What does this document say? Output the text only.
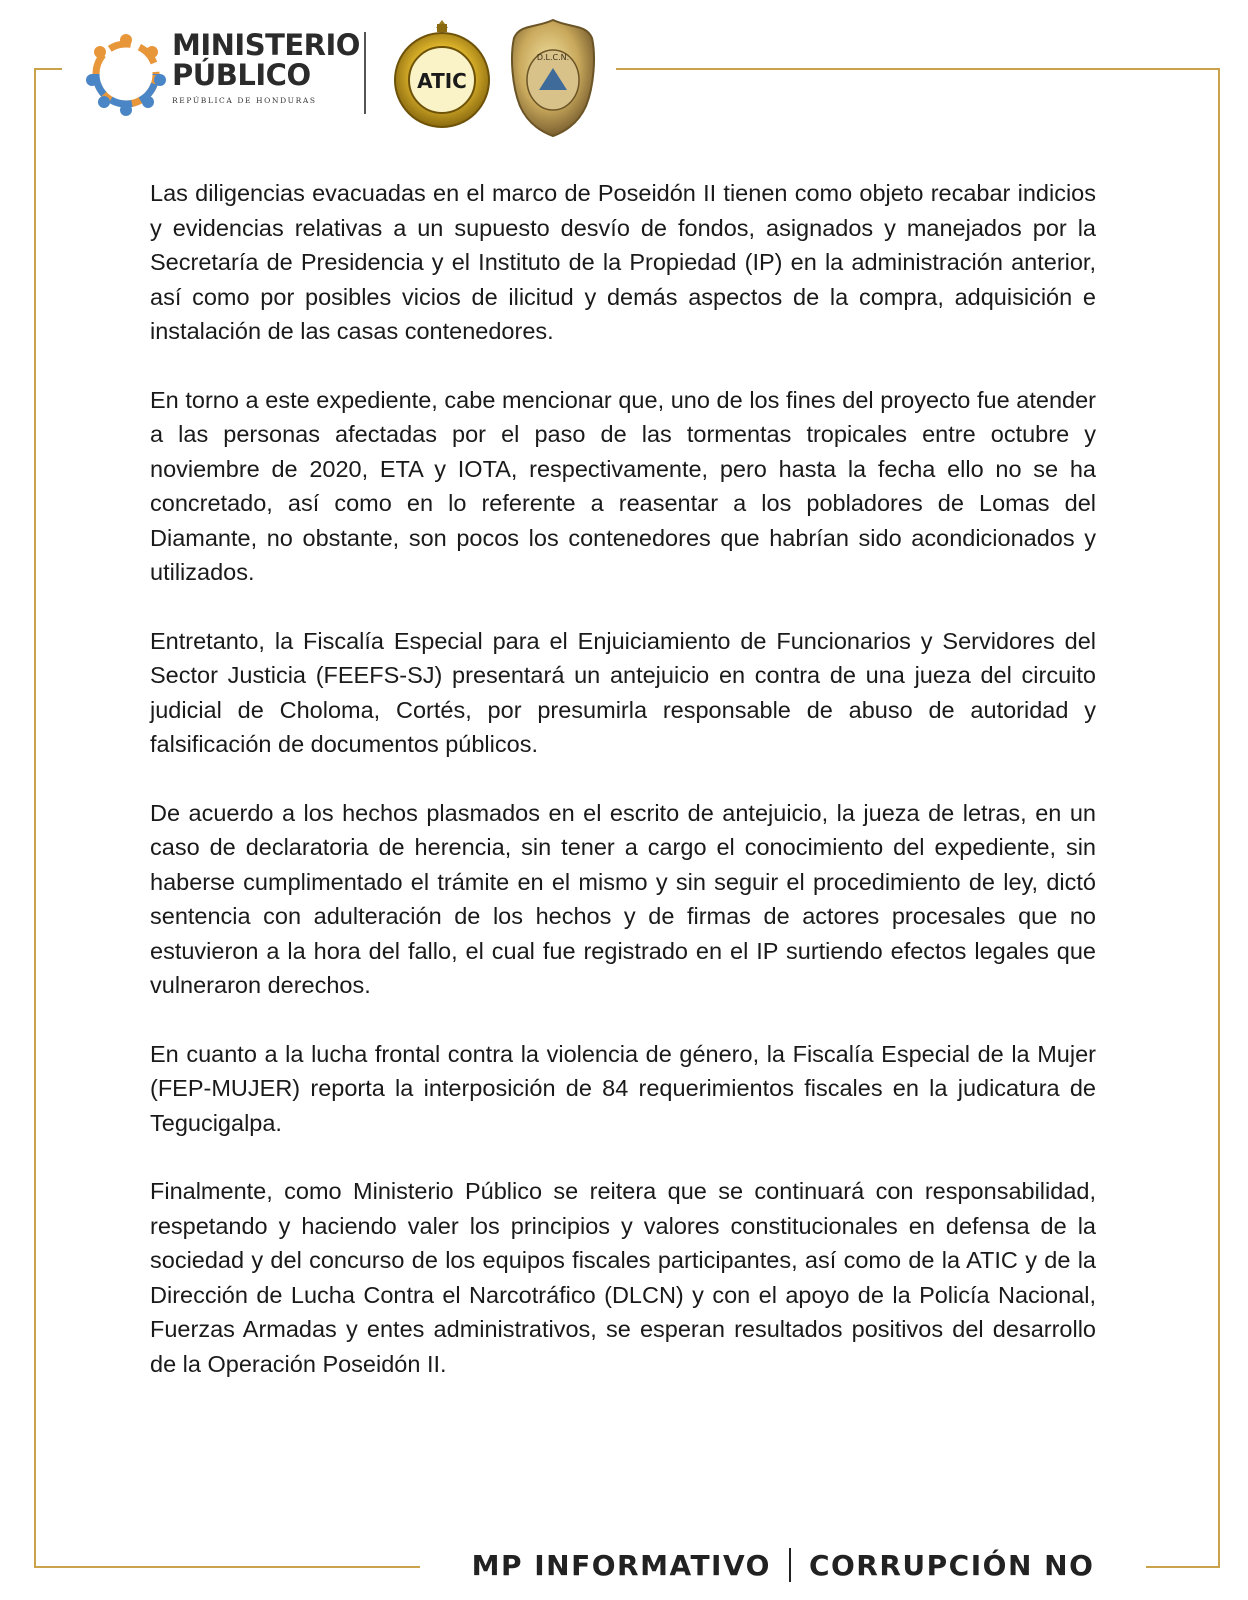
MINISTERIO
PÚBLICO
REPÚBLICA DE HONDURAS
ATIC
D.L.C.N.

Las diligencias evacuadas en el marco de Poseidón II tienen como objeto recabar indicios y evidencias relativas a un supuesto desvío de fondos, asignados y manejados por la Secretaría de Presidencia y el Instituto de la Propiedad (IP) en la administración anterior, así como por posibles vicios de ilicitud y demás aspectos de la compra, adquisición e instalación de las casas contenedores.

En torno a este expediente, cabe mencionar que, uno de los fines del proyecto fue atender a las personas afectadas por el paso de las tormentas tropicales entre octubre y noviembre de 2020, ETA y IOTA, respectivamente, pero hasta la fecha ello no se ha concretado, así como en lo referente a reasentar a los pobladores de Lomas del Diamante, no obstante, son pocos los contenedores que habrían sido acondicionados y utilizados.

Entretanto, la Fiscalía Especial para el Enjuiciamiento de Funcionarios y Servidores del Sector Justicia (FEEFS-SJ) presentará un antejuicio en contra de una jueza del circuito judicial de Choloma, Cortés, por presumirla responsable de abuso de autoridad y falsificación de documentos públicos.

De acuerdo a los hechos plasmados en el escrito de antejuicio, la jueza de letras, en un caso de declaratoria de herencia, sin tener a cargo el conocimiento del expediente, sin haberse cumplimentado el trámite en el mismo y sin seguir el procedimiento de ley, dictó sentencia con adulteración de los hechos y de firmas de actores procesales que no estuvieron a la hora del fallo, el cual fue registrado en el IP surtiendo efectos legales que vulneraron derechos.

En cuanto a la lucha frontal contra la violencia de género, la Fiscalía Especial de la Mujer (FEP-MUJER) reporta la interposición de 84 requerimientos fiscales en la judicatura de Tegucigalpa.

Finalmente, como Ministerio Público se reitera que se continuará con responsabilidad, respetando y haciendo valer los principios y valores constitucionales en defensa de la sociedad y del concurso de los equipos fiscales participantes, así como de la ATIC y de la Dirección de Lucha Contra el Narcotráfico (DLCN) y con el apoyo de la Policía Nacional, Fuerzas Armadas y entes administrativos, se esperan resultados positivos del desarrollo de la Operación Poseidón II.

MP INFORMATIVO CORRUPCIÓN NO
